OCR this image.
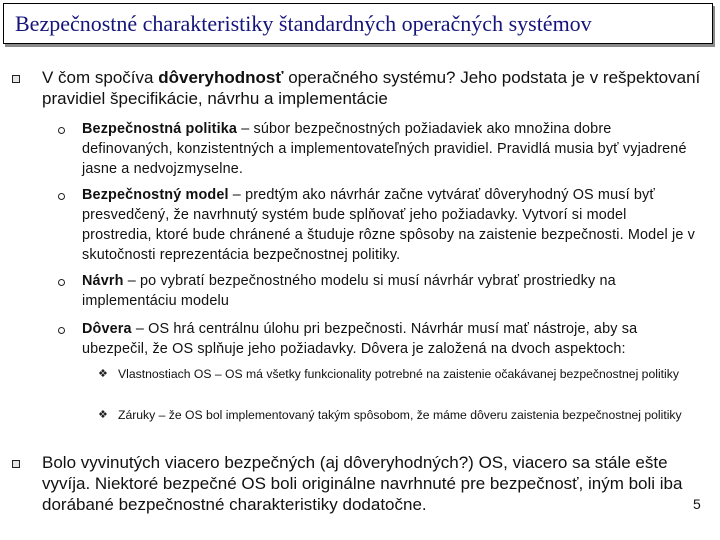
Bezpečnostné charakteristiky štandardných operačných systémov
V čom spočíva dôveryhodnosť operačného systému? Jeho podstata je v rešpektovaní pravidiel špecifikácie, návrhu a implementácie
Bezpečnostná politika – súbor bezpečnostných požiadaviek ako množina dobre definovaných, konzistentných a implementovateľných pravidiel. Pravidlá musia byť vyjadrené jasne a nedvojzmyselne.
Bezpečnostný model – predtým ako návrhár začne vytvárať dôveryhodný OS musí byť presvedčený, že navrhnutý systém bude splňovať jeho požiadavky. Vytvorí si model prostredia, ktoré bude chránené a študuje rôzne spôsoby na zaistenie bezpečnosti. Model je v skutočnosti reprezentácia bezpečnostnej politiky.
Návrh – po vybratí bezpečnostného modelu si musí návrhár vybrať prostriedky na implementáciu modelu
Dôvera – OS hrá centrálnu úlohu pri bezpečnosti. Návrhár musí mať nástroje, aby sa ubezpečil, že OS splňuje jeho požiadavky. Dôvera je založená na dvoch aspektoch:
❖ Vlastnostiach OS – OS má všetky funkcionality potrebné na zaistenie očakávanej bezpečnostnej politiky
❖ Záruky – že OS bol implementovaný takým spôsobom, že máme dôveru zaistenia bezpečnostnej politiky
Bolo vyvinutých viacero bezpečných (aj dôveryhodných?) OS, viacero sa stále ešte vyvíja. Niektoré bezpečné OS boli originálne navrhnuté pre bezpečnosť, iným boli iba dorábané bezpečnostné charakteristiky dodatočne.	5
